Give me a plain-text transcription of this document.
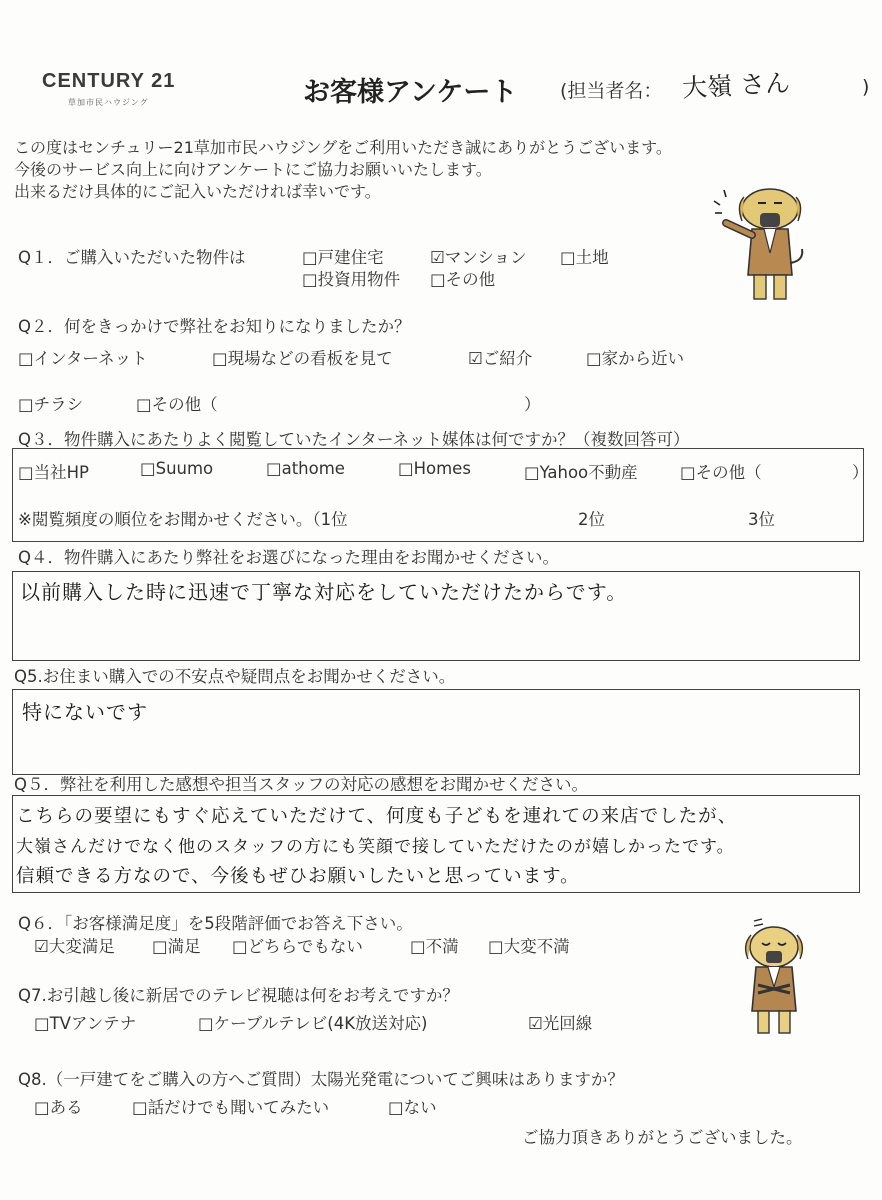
CENTURY 21
草加市民ハウジング	お客様アンケート (担当者名： 大嶺 さん	)
この度はセンチュリー21草加市民ハウジングをご利用いただき誠にありがとうございます。
今後のサービス向上に向けアンケートにご協力お願いいたします。
出来るだけ具体的にご記入いただければ幸いです。
Q１．ご購入いただいた物件は	□戸建住宅	☑マンション □土地
□投資用物件 □その他
Q２．何をきっかけで弊社をお知りになりましたか？
□インターネット	□現場などの看板を見て	☑ご紹介	□家から近い
□チラシ	□その他（	）
Q３．物件購入にあたりよく閲覧していたインターネット媒体は何ですか？（複数回答可）
□当社HP	□Suumo	□athome	□Homes	□Yahoo不動産	□その他（	）
※閲覧頻度の順位をお聞かせください。（1位	2位	3位
Q４．物件購入にあたり弊社をお選びになった理由をお聞かせください。
以前購入した時に迅速で丁寧な対応をしていただけたからです。
Q5.お住まい購入での不安点や疑問点をお聞かせください。
特にないです
Q５．弊社を利用した感想や担当スタッフの対応の感想をお聞かせください。
こちらの要望にもすぐ応えていただけて、何度も子どもを連れての来店でしたが、
大嶺さんだけでなく他のスタッフの方にも笑顔で接していただけたのが嬉しかったです。
信頼できる方なので、今後もぜひお願いしたいと思っています。
Q６．「お客様満足度」を5段階評価でお答え下さい。
☑大変満足 □満足 □どちらでもない	□不満 □大変不満
Q7.お引越し後に新居でのテレビ視聴は何をお考えですか？
□TVアンテナ	□ケーブルテレビ(4K放送対応)	☑光回線
Q8.（一戸建てをご購入の方へご質問）太陽光発電についてご興味はありますか？
□ある	□話だけでも聞いてみたい	□ない
ご協力頂きありがとうございました。
